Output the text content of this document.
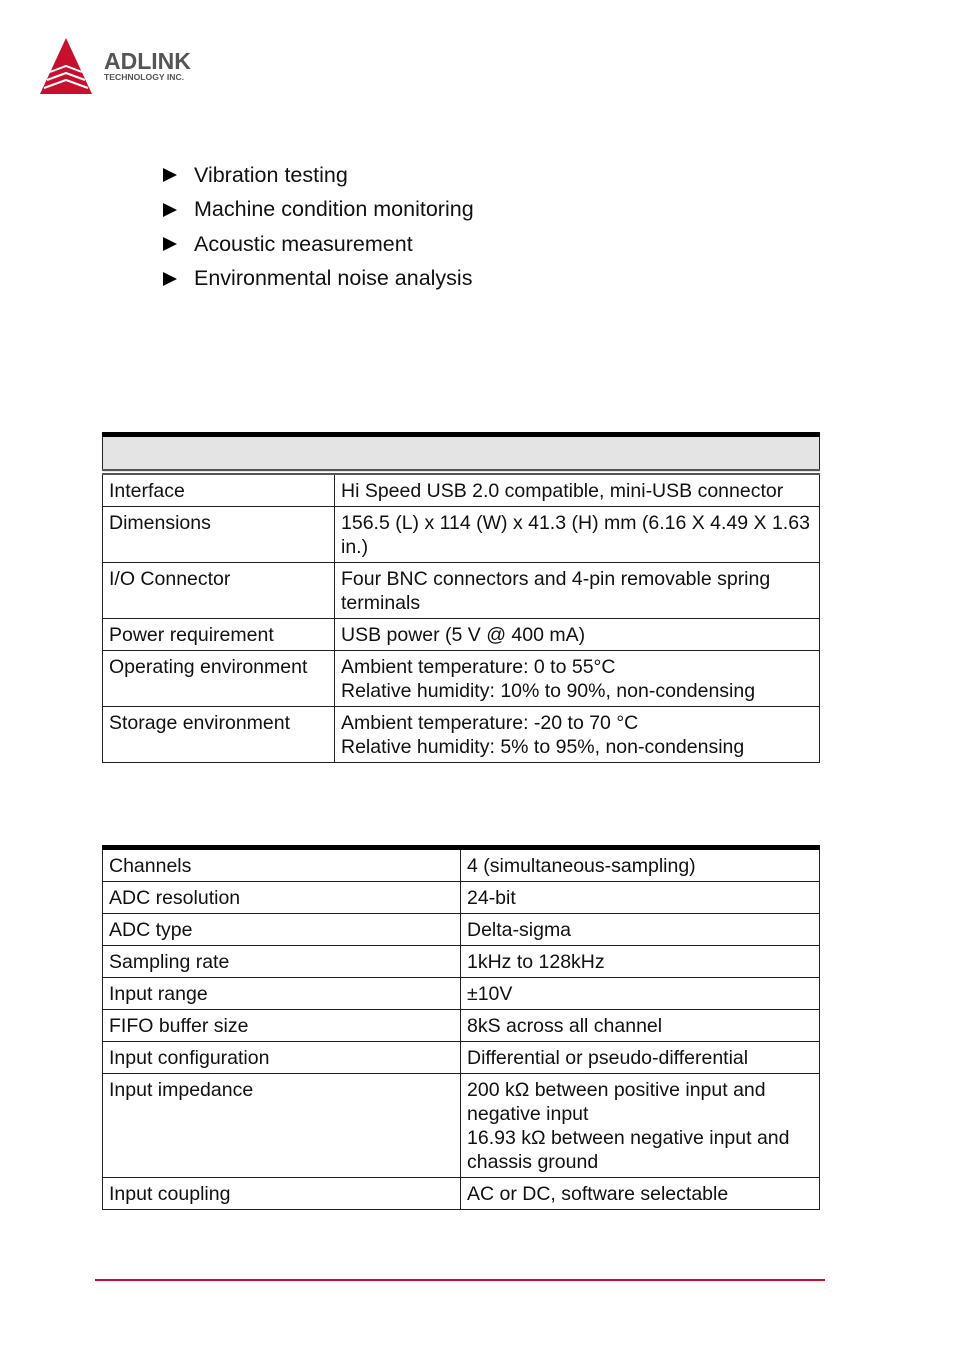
ADLINK
TECHNOLOGY INC.
Vibration testing
Machine condition monitoring
Acoustic measurement
Environmental noise analysis

Interface	Hi Speed USB 2.0 compatible, mini-USB connector
Dimensions	156.5 (L) x 114 (W) x 41.3 (H) mm (6.16 X 4.49 X 1.63 in.)
I/O Connector	Four BNC connectors and 4-pin removable spring terminals
Power requirement	USB power (5 V @ 400 mA)
Operating environment	Ambient temperature: 0 to 55°C
Relative humidity: 10% to 90%, non-condensing

Storage environment	Ambient temperature: -20 to 70 °C
Relative humidity: 5% to 95%, non-condensing
Channels	4 (simultaneous-sampling)
ADC resolution	24-bit
ADC type	Delta-sigma
Sampling rate	1kHz to 128kHz
Input range	±10V
FIFO buffer size	8kS across all channel
Input configuration	Differential or pseudo-differential
Input impedance	200 kΩ between positive input and negative input
16.93 kΩ between negative input and chassis ground

Input coupling	AC or DC, software selectable
